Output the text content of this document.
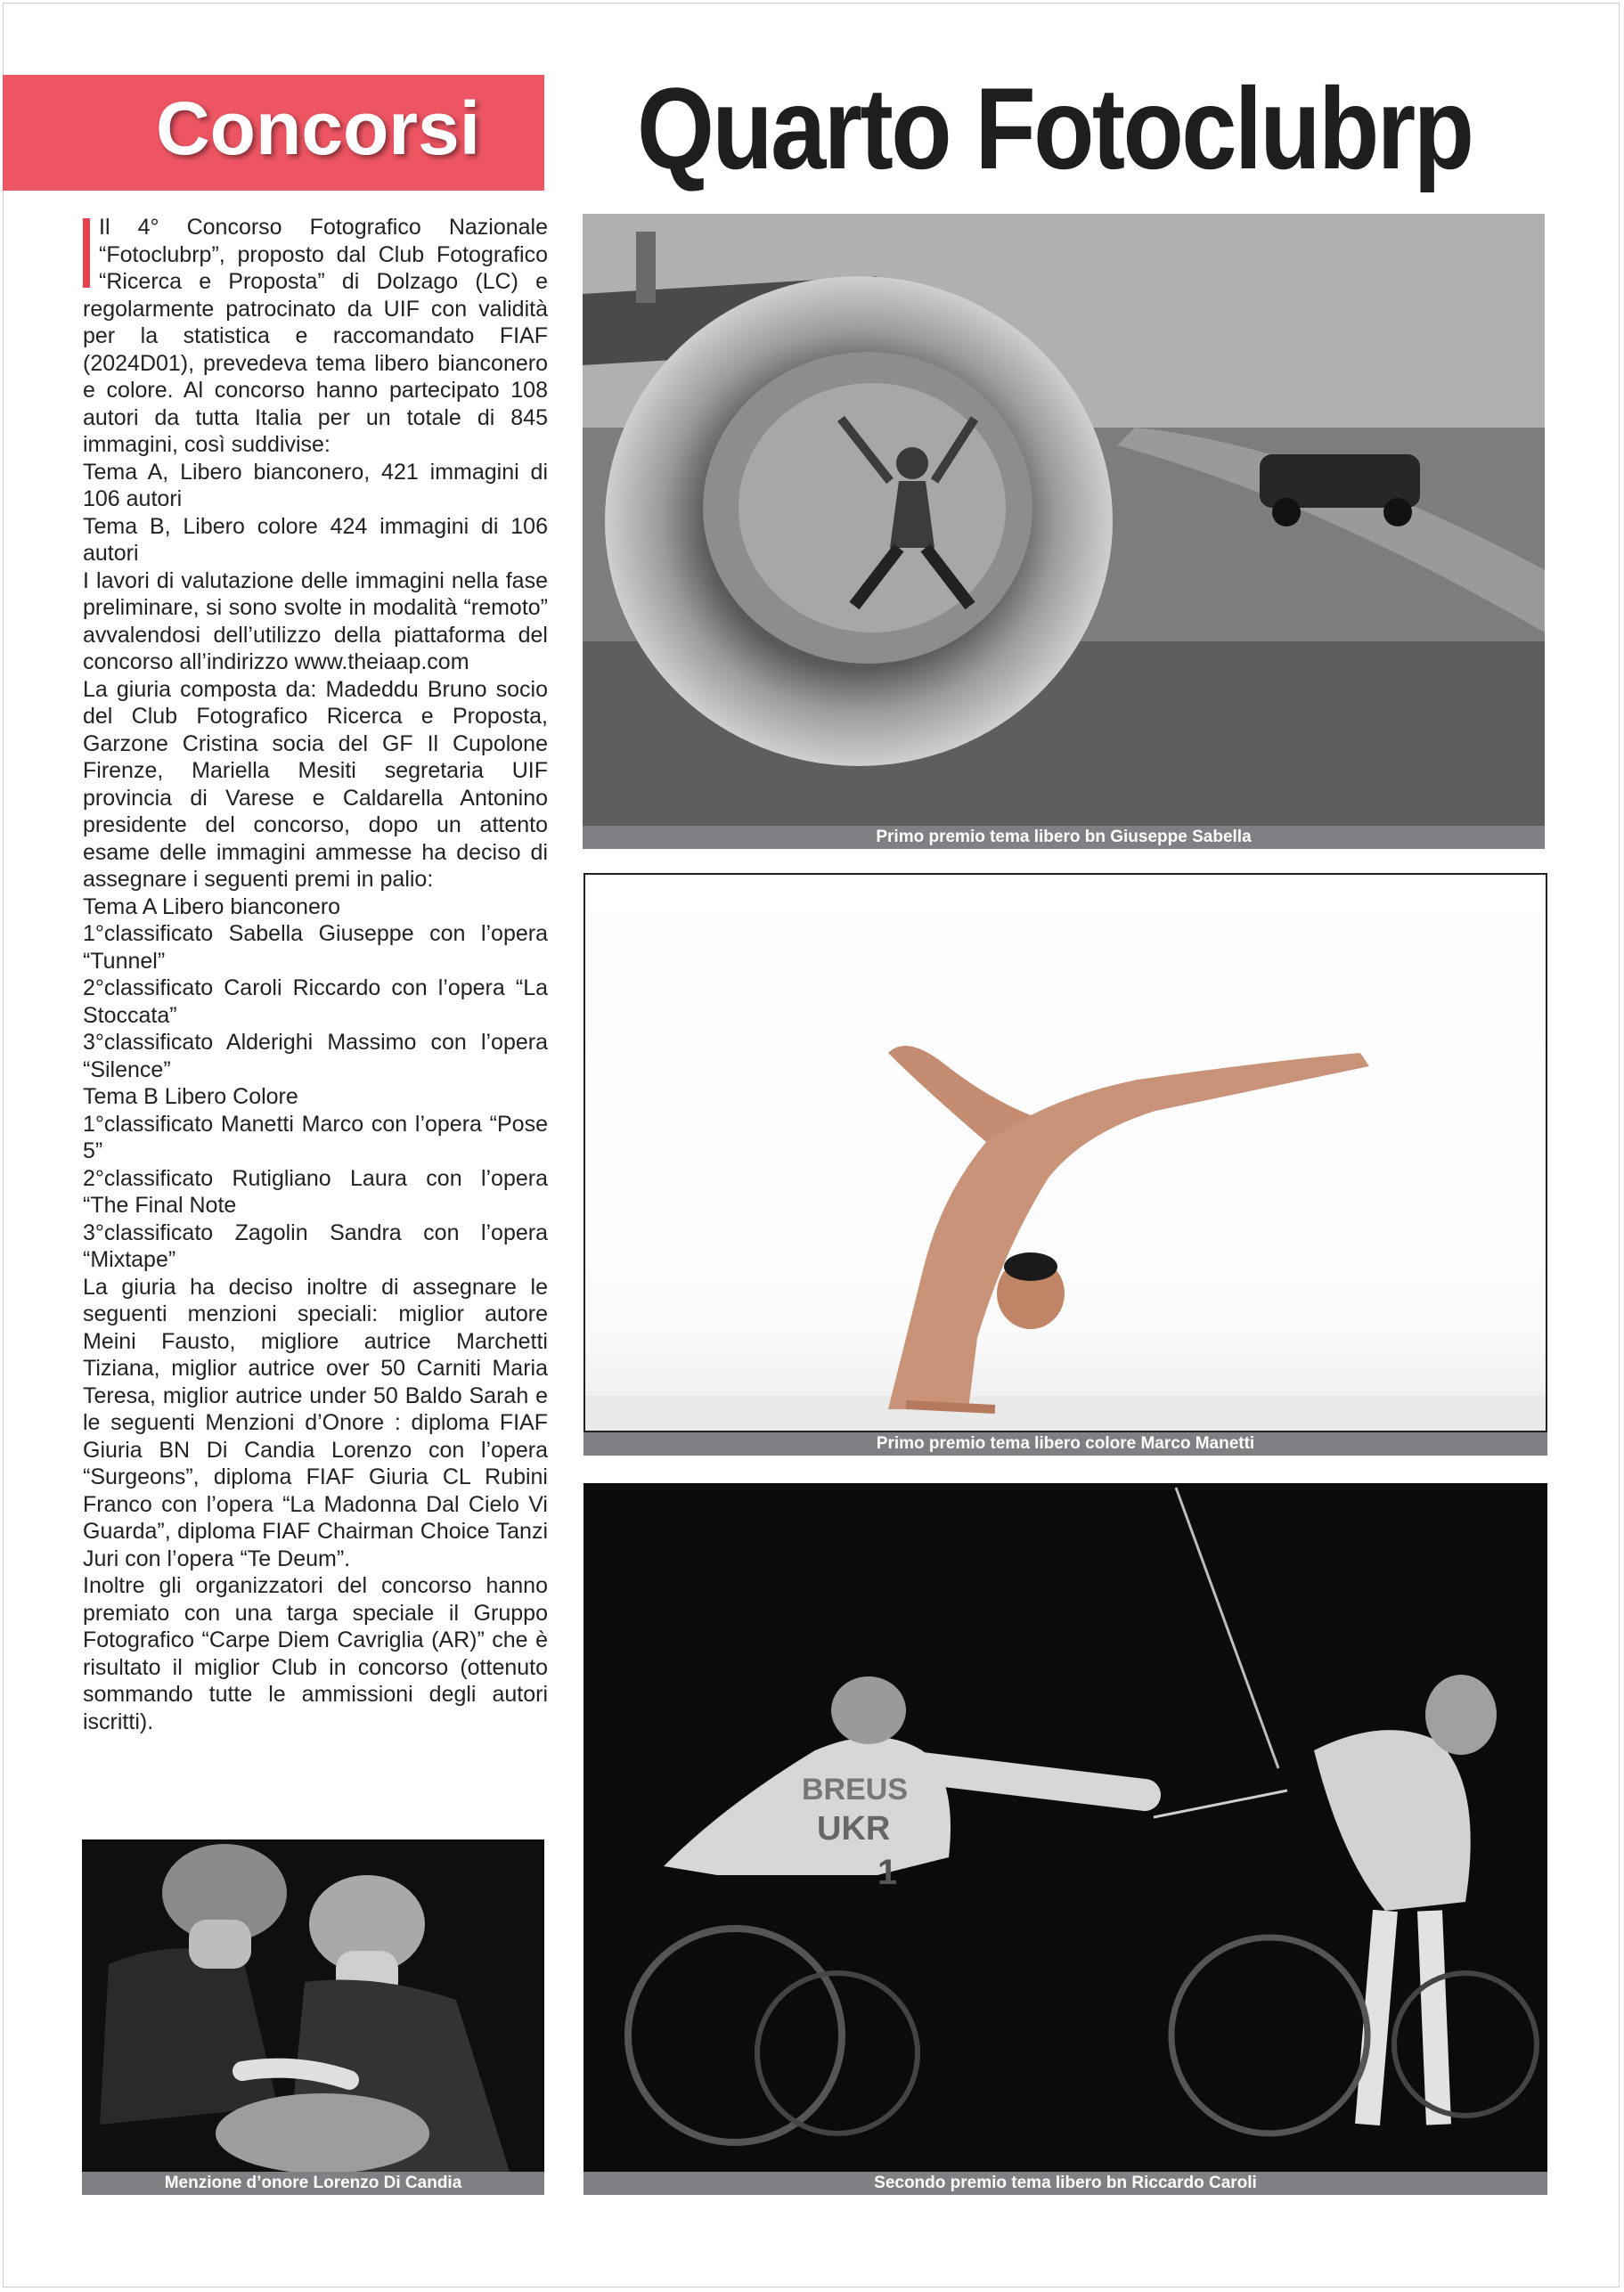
Concorsi	Quarto Fotoclubrp

Il 4° Concorso Fotografico Nazionale “Fotoclubrp”, proposto dal Club Fotografico “Ricerca e Proposta” di Dolzago (LC) e regolarmente patrocinato da UIF con validità per la statistica e raccomandato FIAF (2024D01), prevedeva tema libero bianconero e colore. Al concorso hanno partecipato 108 autori da tutta Italia per un totale di 845 immagini, così suddivise:

Tema A, Libero bianconero, 421 immagini di 106 autori

Tema B, Libero colore 424 immagini di 106 autori

I lavori di valutazione delle immagini nella fase preliminare, si sono svolte in modalità “remoto” avvalendosi dell’utilizzo della piattaforma del concorso all’indirizzo www.theiaap.com

La giuria composta da: Madeddu Bruno socio del Club Fotografico Ricerca e Proposta, Garzone Cristina socia del GF Il Cupolone Firenze, Mariella Mesiti segretaria UIF provincia di Varese e Caldarella Antonino presidente del concorso, dopo un attento esame delle immagini ammesse ha deciso di assegnare i seguenti premi in palio:

Tema A Libero bianconero

1°classificato Sabella Giuseppe con l’opera “Tunnel”

2°classificato Caroli Riccardo con l’opera “La Stoccata”

3°classificato Alderighi Massimo con l’opera “Silence”

Tema B Libero Colore

1°classificato Manetti Marco con l’opera “Pose 5”

2°classificato Rutigliano Laura con l’opera “The Final Note

3°classificato Zagolin Sandra con l’opera “Mixtape”

La giuria ha deciso inoltre di assegnare le seguenti menzioni speciali: miglior autore Meini Fausto, migliore autrice Marchetti Tiziana, miglior autrice over 50 Carniti Maria Teresa, miglior autrice under 50 Baldo Sarah e le seguenti Menzioni d’Onore : diploma FIAF Giuria BN Di Candia Lorenzo con l’opera “Surgeons”, diploma FIAF Giuria CL Rubini Franco con l’opera “La Madonna Dal Cielo Vi Guarda”, diploma FIAF Chairman Choice Tanzi Juri con l’opera “Te Deum”.

Inoltre gli organizzatori del concorso hanno premiato con una targa speciale il Gruppo Fotografico “Carpe Diem Cavriglia (AR)” che è risultato il miglior Club in concorso (ottenuto sommando tutte le ammissioni degli autori iscritti).

Primo premio tema libero bn Giuseppe Sabella
Primo premio tema libero colore Marco Manetti
BREUS
UKR
1
Secondo premio tema libero bn Riccardo Caroli
Menzione d’onore Lorenzo Di Candia
